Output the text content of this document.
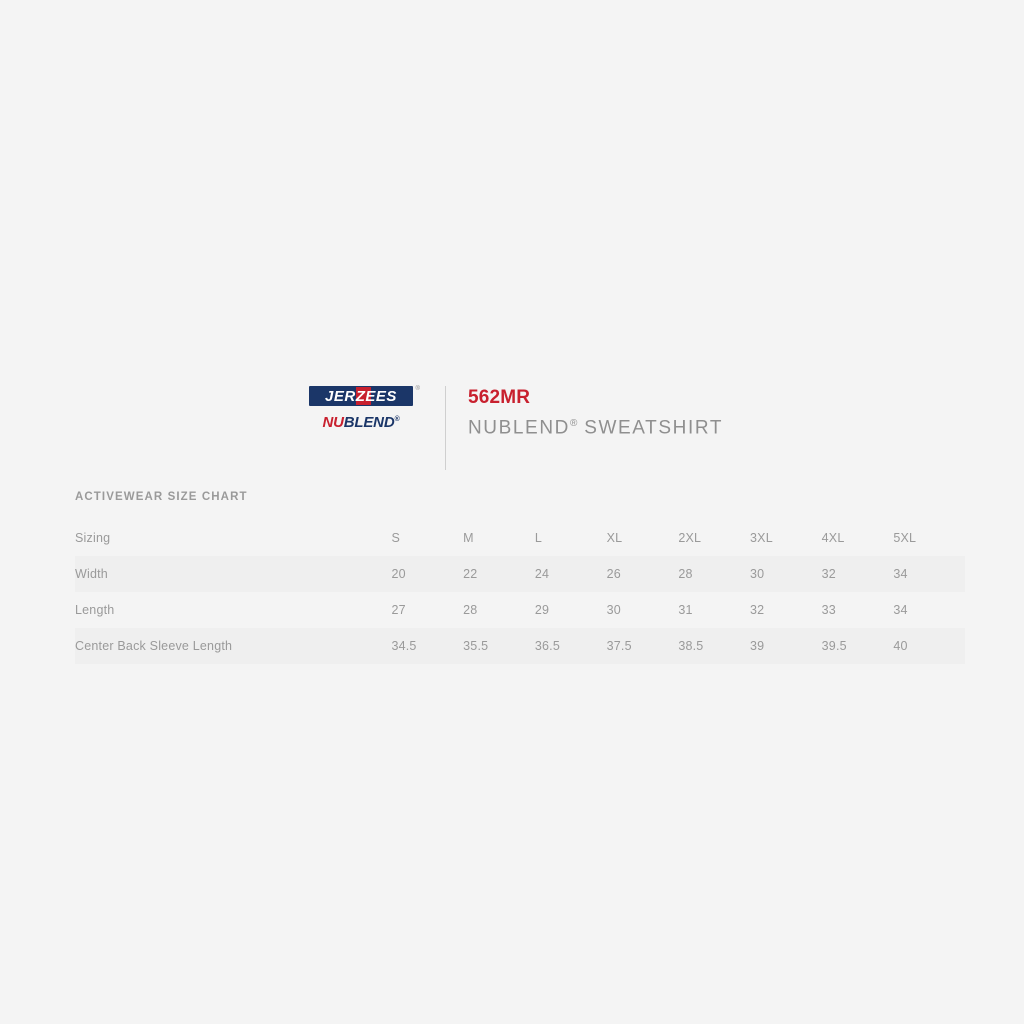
JERZEES	®
NUBLEND®
562MR
NUBLEND® SWEATSHIRT
ACTIVEWEAR SIZE CHART
Sizing	S	M	L	XL	2XL	3XL	4XL	5XL
Width	20	22	24	26	28	30	32	34
Length	27	28	29	30	31	32	33	34
Center Back Sleeve Length	34.5	35.5	36.5	37.5	38.5	39	39.5	40
